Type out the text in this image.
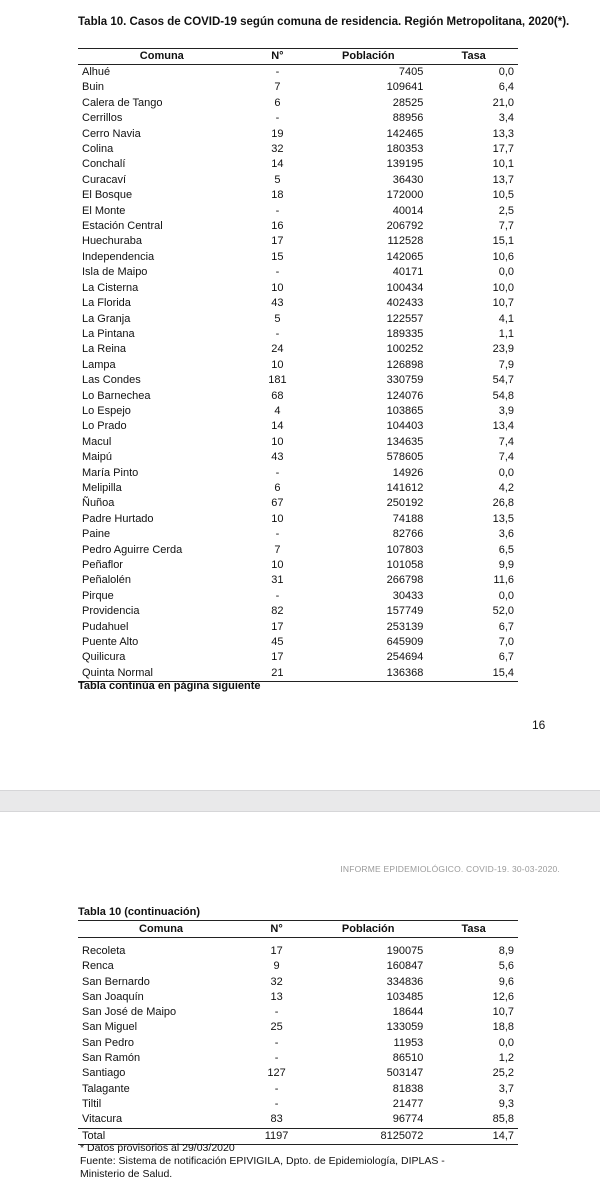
Tabla 10. Casos de COVID-19 según comuna de residencia. Región Metropolitana, 2020(*).
Comuna	N°	Población	Tasa
Alhué	-	7405	0,0
Buin	7	109641	6,4
Calera de Tango	6	28525	21,0
Cerrillos	-	88956	3,4
Cerro Navia	19	142465	13,3
Colina	32	180353	17,7
Conchalí	14	139195	10,1
Curacaví	5	36430	13,7
El Bosque	18	172000	10,5
El Monte	-	40014	2,5
Estación Central	16	206792	7,7
Huechuraba	17	112528	15,1
Independencia	15	142065	10,6
Isla de Maipo	-	40171	0,0
La Cisterna	10	100434	10,0
La Florida	43	402433	10,7
La Granja	5	122557	4,1
La Pintana	-	189335	1,1
La Reina	24	100252	23,9
Lampa	10	126898	7,9
Las Condes	181	330759	54,7
Lo Barnechea	68	124076	54,8
Lo Espejo	4	103865	3,9
Lo Prado	14	104403	13,4
Macul	10	134635	7,4
Maipú	43	578605	7,4
María Pinto	-	14926	0,0
Melipilla	6	141612	4,2
Ñuñoa	67	250192	26,8
Padre Hurtado	10	74188	13,5
Paine	-	82766	3,6
Pedro Aguirre Cerda	7	107803	6,5
Peñaflor	10	101058	9,9
Peñalolén	31	266798	11,6
Pirque	-	30433	0,0
Providencia	82	157749	52,0
Pudahuel	17	253139	6,7
Puente Alto	45	645909	7,0
Quilicura	17	254694	6,7
Quinta Normal	21	136368	15,4
Tabla continúa en página siguiente
16
INFORME EPIDEMIOLÓGICO. COVID-19. 30-03-2020.
Tabla 10 (continuación)
Comuna	N°	Población	Tasa

Recoleta	17	190075	8,9
Renca	9	160847	5,6
San Bernardo	32	334836	9,6
San Joaquín	13	103485	12,6
San José de Maipo	-	18644	10,7
San Miguel	25	133059	18,8
San Pedro	-	11953	0,0
San Ramón	-	86510	1,2
Santiago	127	503147	25,2
Talagante	-	81838	3,7
Tiltil	-	21477	9,3
Vitacura	83	96774	85,8
Total	1197	8125072	14,7
* Datos provisorios al 29/03/2020
Fuente: Sistema de notificación EPIVIGILA, Dpto. de Epidemiología, DIPLAS -
Ministerio de Salud.
